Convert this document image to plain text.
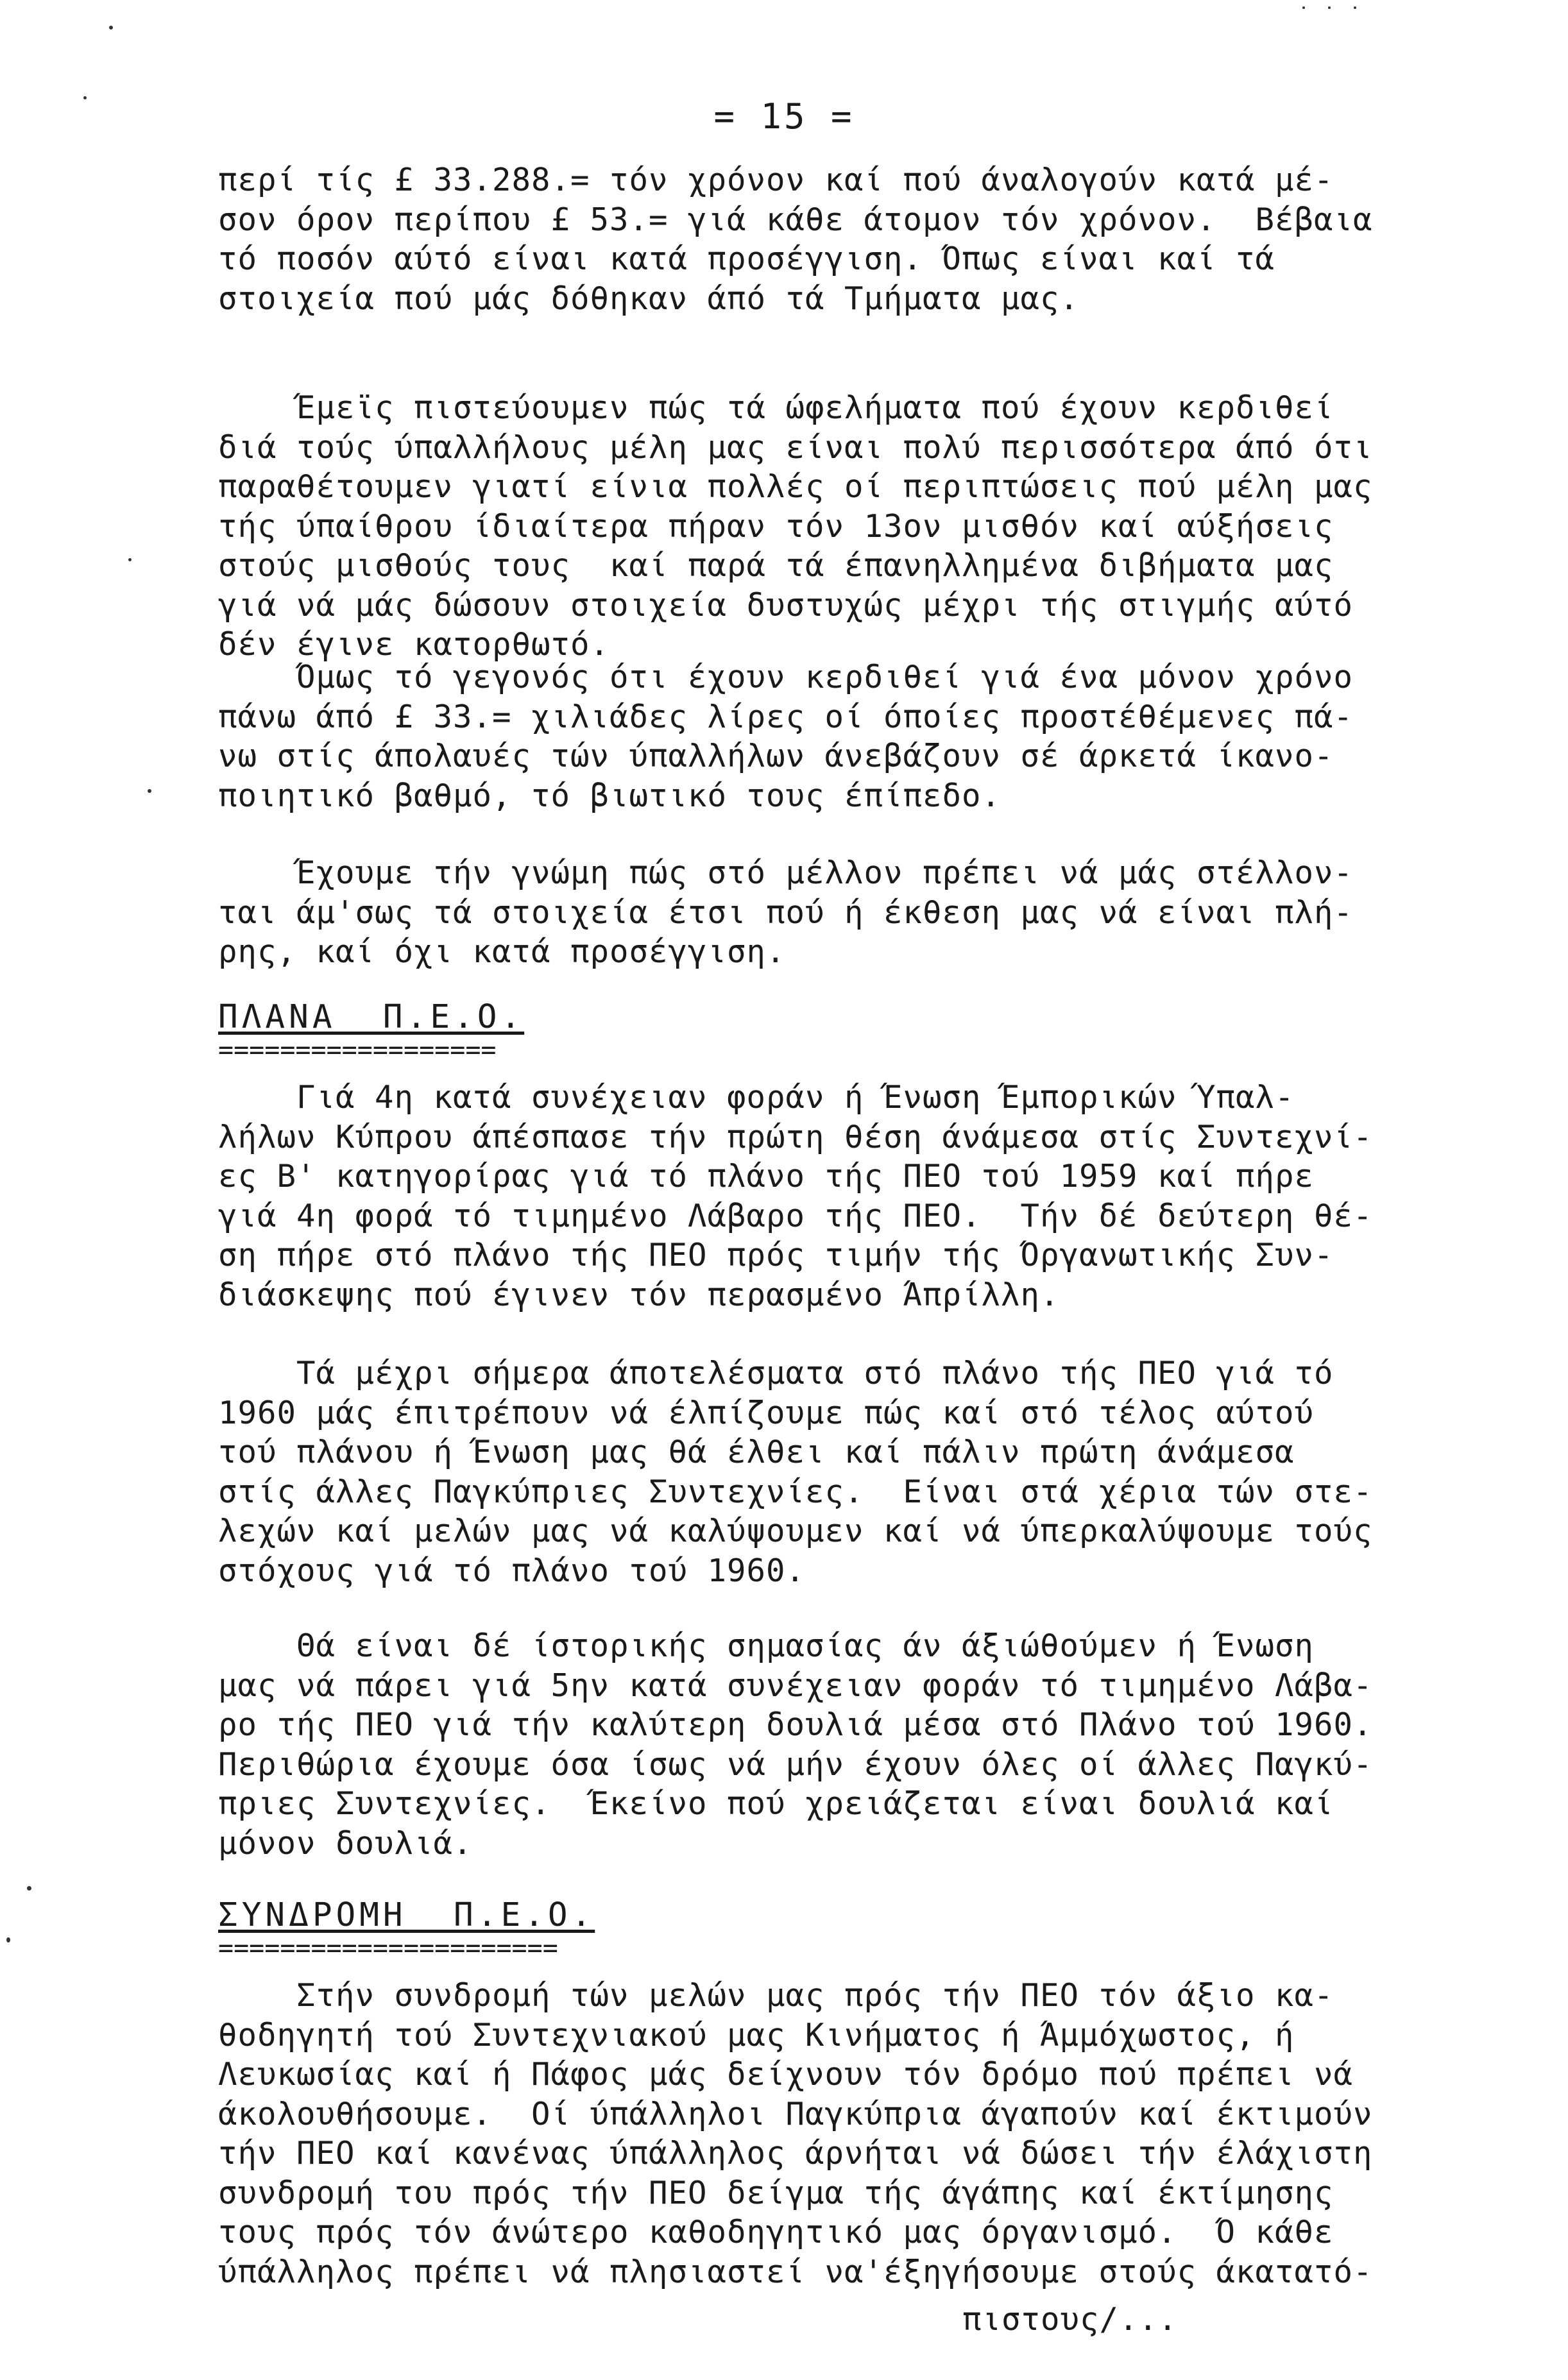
= 15 =
περί τίς £ 33.288.= τόν χρόνον καί πού άναλογούν κατά μέ-
σον όρον περίπου £ 53.= γιά κάθε άτομον τόν χρόνον.  Βέβαια
τό ποσόν αύτό είναι κατά προσέγγιση. Όπως είναι καί τά
στοιχεία πού μάς δόθηκαν άπό τά Τμήματα μας.
Έμεϊς πιστεύουμεν πώς τά ώφελήματα πού έχουν κερδιθεί
διά τούς ύπαλλήλους μέλη μας είναι πολύ περισσότερα άπό ότι
παραθέτουμεν γιατί είνια πολλές οί περιπτώσεις πού μέλη μας
τής ύπαίθρου ίδιαίτερα πήραν τόν 13ον μισθόν καί αύξήσεις
στούς μισθούς τους  καί παρά τά έπανηλλημένα διβήματα μας
γιά νά μάς δώσουν στοιχεία δυστυχώς μέχρι τής στιγμής αύτό
δέν έγινε κατορθωτό.
Όμως τό γεγονός ότι έχουν κερδιθεί γιά ένα μόνον χρόνο
πάνω άπό £ 33.= χιλιάδες λίρες οί όποίες προστέθέμενες πά-
νω στίς άπολαυές τών ύπαλλήλων άνεβάζουν σέ άρκετά ίκανο-
ποιητικό βαθμό, τό βιωτικό τους έπίπεδο.
Έχουμε τήν γνώμη πώς στό μέλλον πρέπει νά μάς στέλλον-
ται άμ'σως τά στοιχεία έτσι πού ή έκθεση μας νά είναι πλή-
ρης, καί όχι κατά προσέγγιση.
ΠΛΑΝΑ  Π.Ε.Ο.
==================
Γιά 4η κατά συνέχειαν φοράν ή Ένωση Έμπορικών Ύπαλ-
λήλων Κύπρου άπέσπασε τήν πρώτη θέση άνάμεσα στίς Συντεχνί-
ες Β' κατηγορίρας γιά τό πλάνο τής ΠΕΟ τού 1959 καί πήρε
γιά 4η φορά τό τιμημένο Λάβαρο τής ΠΕΟ.  Τήν δέ δεύτερη θέ-
ση πήρε στό πλάνο τής ΠΕΟ πρός τιμήν τής Όργανωτικής Συν-
διάσκεψης πού έγινεν τόν περασμένο Άπρίλλη.
Τά μέχρι σήμερα άποτελέσματα στό πλάνο τής ΠΕΟ γιά τό
1960 μάς έπιτρέπουν νά έλπίζουμε πώς καί στό τέλος αύτού
τού πλάνου ή Ένωση μας θά έλθει καί πάλιν πρώτη άνάμεσα
στίς άλλες Παγκύπριες Συντεχνίες.  Είναι στά χέρια τών στε-
λεχών καί μελών μας νά καλύψουμεν καί νά ύπερκαλύψουμε τούς
στόχους γιά τό πλάνο τού 1960.
Θά είναι δέ ίστορικής σημασίας άν άξιώθούμεν ή Ένωση
μας νά πάρει γιά 5ην κατά συνέχειαν φοράν τό τιμημένο Λάβα-
ρο τής ΠΕΟ γιά τήν καλύτερη δουλιά μέσα στό Πλάνο τού 1960.
Περιθώρια έχουμε όσα ίσως νά μήν έχουν όλες οί άλλες Παγκύ-
πριες Συντεχνίες.  Έκείνο πού χρειάζεται είναι δουλιά καί
μόνον δουλιά.
ΣΥΝΔΡΟΜΗ  Π.Ε.Ο.
======================
Στήν συνδρομή τών μελών μας πρός τήν ΠΕΟ τόν άξιο κα-
θοδηγητή τού Συντεχνιακού μας Κινήματος ή Άμμόχωστος, ή
Λευκωσίας καί ή Πάφος μάς δείχνουν τόν δρόμο πού πρέπει νά
άκολουθήσουμε.  Οί ύπάλληλοι Παγκύπρια άγαπούν καί έκτιμούν
τήν ΠΕΟ καί κανένας ύπάλληλος άρνήται νά δώσει τήν έλάχιστη
συνδρομή του πρός τήν ΠΕΟ δείγμα τής άγάπης καί έκτίμησης
τους πρός τόν άνώτερο καθοδηγητικό μας όργανισμό.  Ό κάθε
ύπάλληλος πρέπει νά πλησιαστεί να'έξηγήσουμε στούς άκατατό-
πιστους/...
